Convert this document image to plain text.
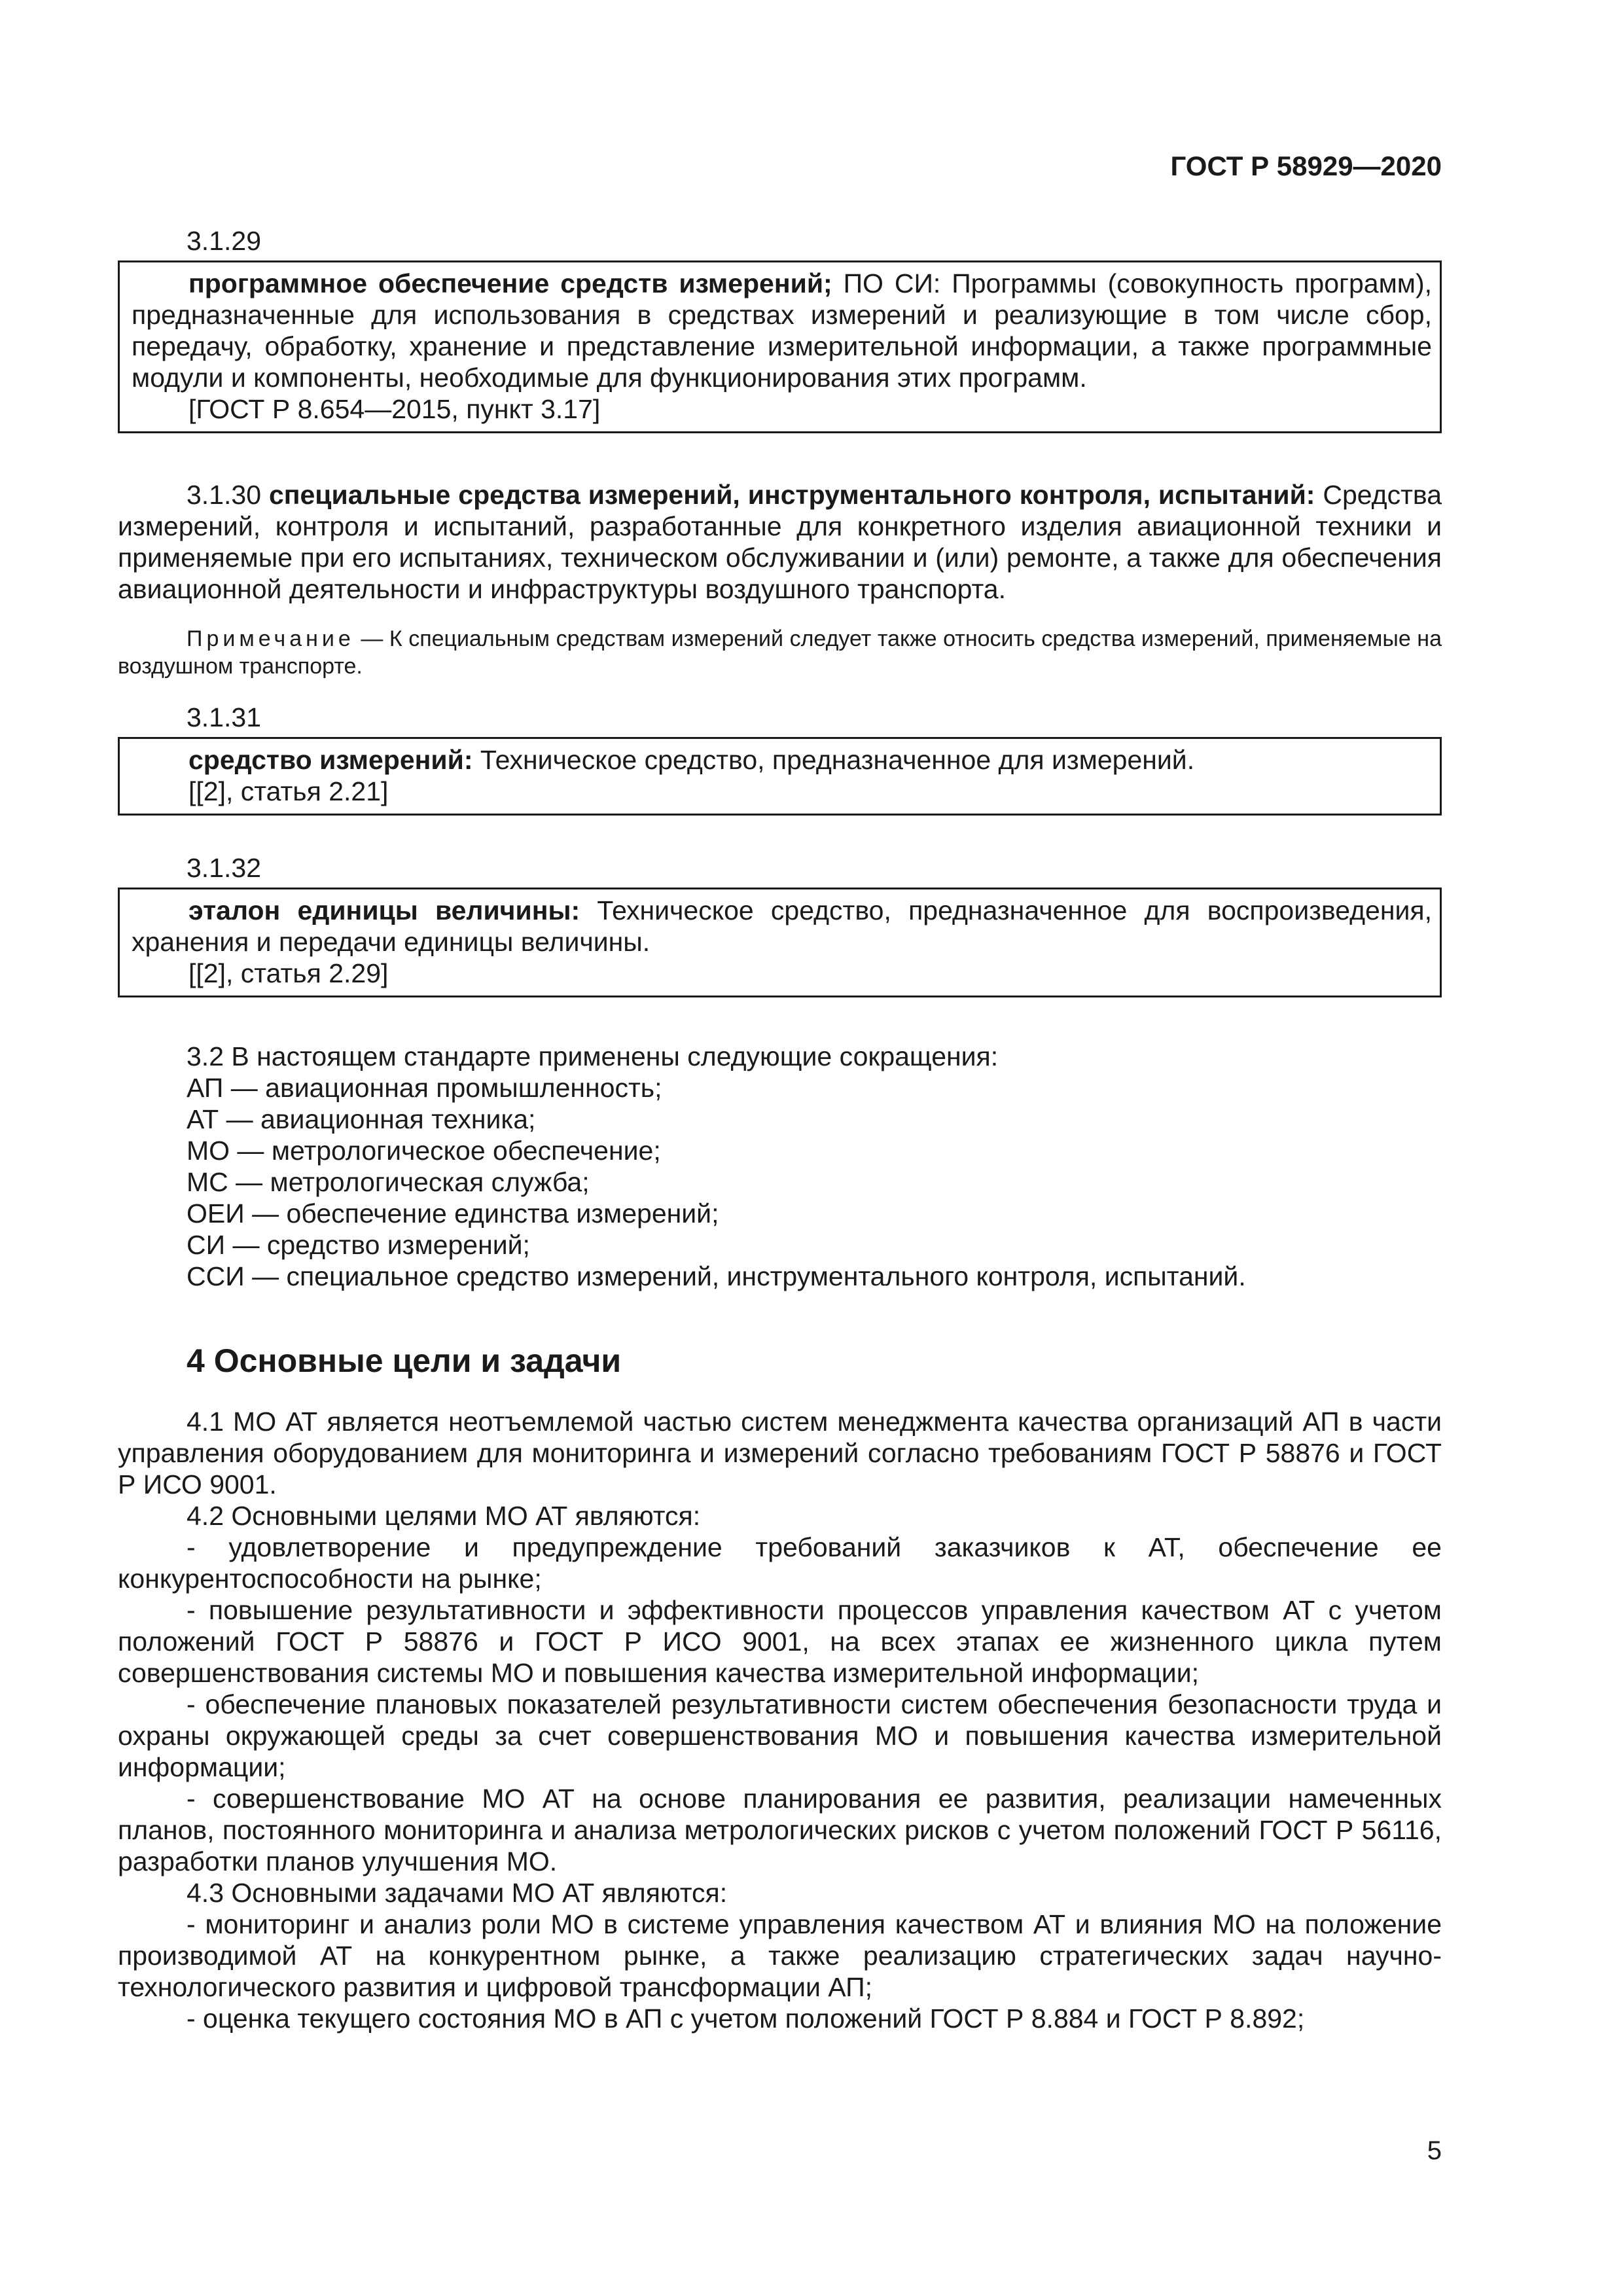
ГОСТ Р 58929—2020
3.1.29

программное обеспечение средств измерений; ПО СИ: Программы (совокупность программ), предназначенные для использования в средствах измерений и реализующие в том числе сбор, передачу, обработку, хранение и представление измерительной информации, а также программные модули и компоненты, необходимые для функционирования этих программ.

[ГОСТ Р 8.654—2015, пункт 3.17]

3.1.30 специальные средства измерений, инструментального контроля, испытаний: Средства измерений, контроля и испытаний, разработанные для конкретного изделия авиационной техники и применяемые при его испытаниях, техническом обслуживании и (или) ремонте, а также для обеспечения авиационной деятельности и инфраструктуры воздушного транспорта.

Примечание — К специальным средствам измерений следует также относить средства измерений, применяемые на воздушном транспорте.

3.1.31

средство измерений: Техническое средство, предназначенное для измерений.

[[2], статья 2.21]

3.1.32

эталон единицы величины: Техническое средство, предназначенное для воспроизведения, хранения и передачи единицы величины.

[[2], статья 2.29]

3.2 В настоящем стандарте применены следующие сокращения:
АП — авиационная промышленность;
АТ — авиационная техника;
МО — метрологическое обеспечение;
МС — метрологическая служба;
ОЕИ — обеспечение единства измерений;
СИ — средство измерений;
ССИ — специальное средство измерений, инструментального контроля, испытаний.
4 Основные цели и задачи

4.1 МО АТ является неотъемлемой частью систем менеджмента качества организаций АП в части управления оборудованием для мониторинга и измерений согласно требованиям ГОСТ Р 58876 и ГОСТ Р ИСО 9001.

4.2 Основными целями МО АТ являются:

- удовлетворение и предупреждение требований заказчиков к АТ, обеспечение ее конкурентоспособности на рынке;

- повышение результативности и эффективности процессов управления качеством АТ с учетом положений ГОСТ Р 58876 и ГОСТ Р ИСО 9001, на всех этапах ее жизненного цикла путем совершенствования системы МО и повышения качества измерительной информации;

- обеспечение плановых показателей результативности систем обеспечения безопасности труда и охраны окружающей среды за счет совершенствования МО и повышения качества измерительной информации;

- совершенствование МО АТ на основе планирования ее развития, реализации намеченных планов, постоянного мониторинга и анализа метрологических рисков с учетом положений ГОСТ Р 56116, разработки планов улучшения МО.

4.3 Основными задачами МО АТ являются:

- мониторинг и анализ роли МО в системе управления качеством АТ и влияния МО на положение производимой АТ на конкурентном рынке, а также реализацию стратегических задач научно-технологического развития и цифровой трансформации АП;

- оценка текущего состояния МО в АП с учетом положений ГОСТ Р 8.884 и ГОСТ Р 8.892;

5
